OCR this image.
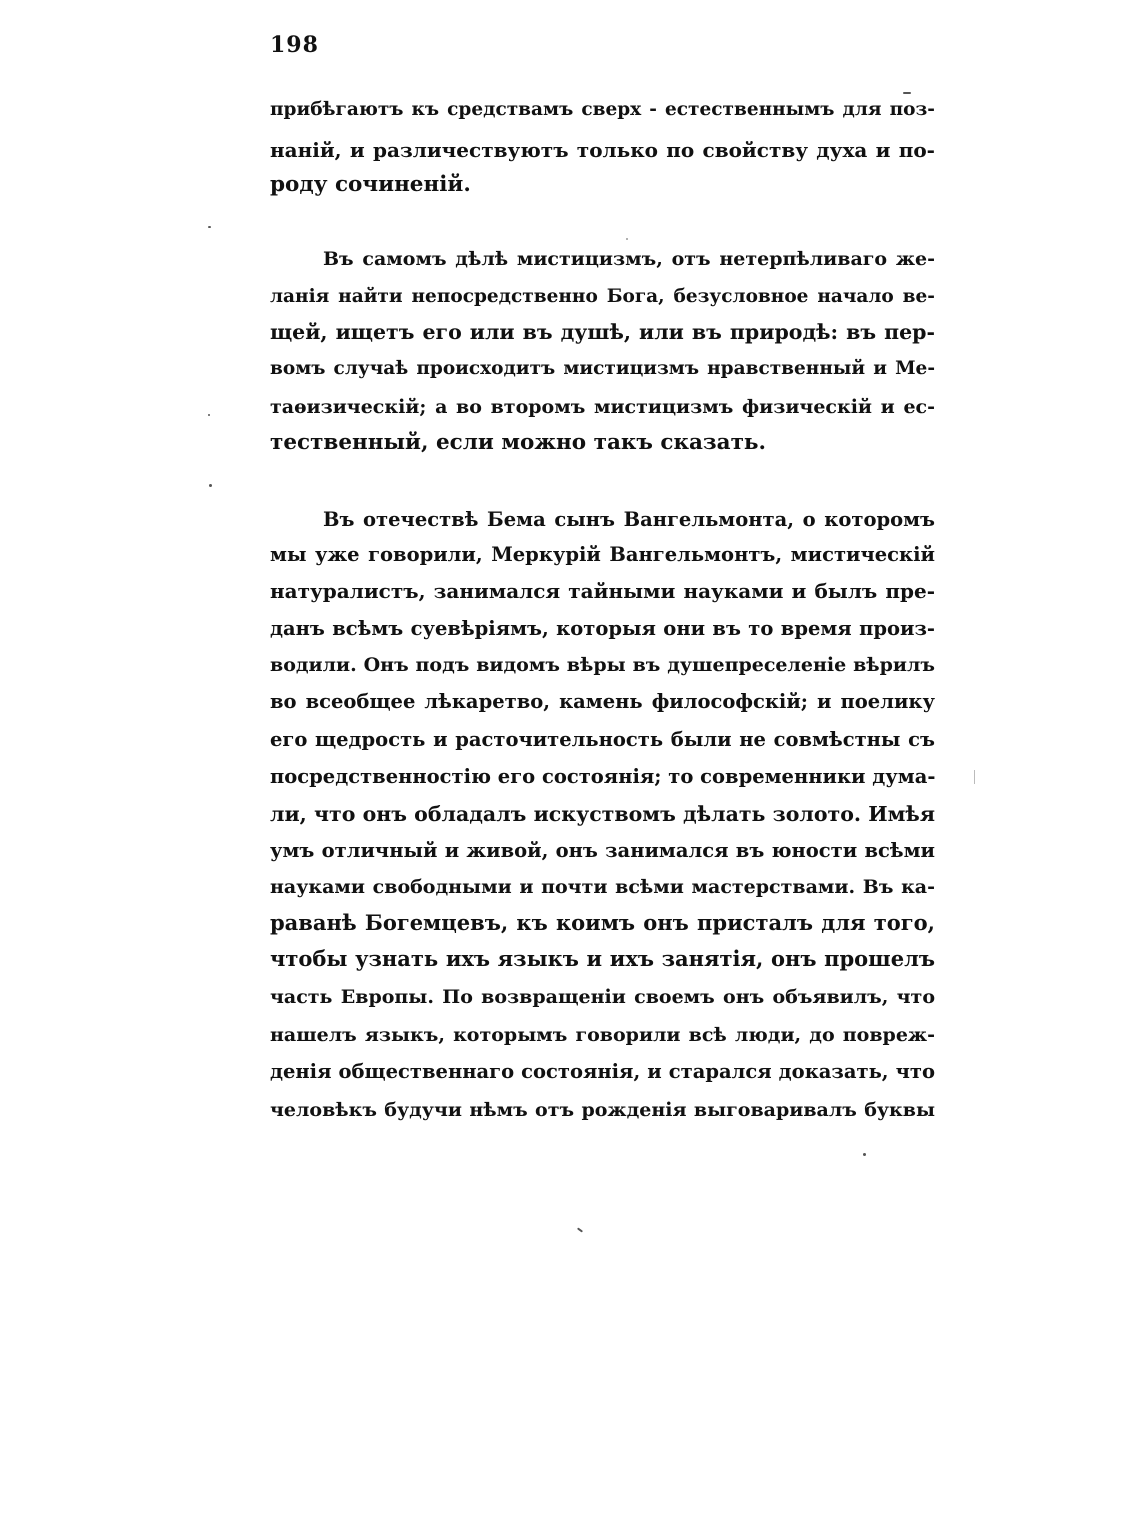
198
прибѣгаютъ къ средствамъ сверх - естественнымъ для поз-
наній, и различествуютъ только по свойству духа и по-
роду сочиненій.
Въ самомъ дѣлѣ мистицизмъ, отъ нетерпѣливаго же-
ланія найти непосредственно Бога, безусловное начало ве-
щей, ищетъ его или въ душѣ, или въ природѣ: въ пер-
вомъ случаѣ происходитъ мистицизмъ нравственный и Ме-
таѳизическій; а во второмъ мистицизмъ физическій и ес-
тественный, если можно такъ сказать.
Въ отечествѣ Бема сынъ Вангельмонта, о которомъ
мы уже говорили, Меркурій Вангельмонтъ, мистическій
натуралистъ, занимался тайными науками и былъ пре-
данъ всѣмъ суевѣріямъ, которыя они въ то время произ-
водили. Онъ подъ видомъ вѣры въ душепреселеніе вѣрилъ
во всеобщее лѣкаретво, камень философскій; и поелику
его щедрость и расточительность были не совмѣстны съ
посредственностію его состоянія; то современники дума-
ли, что онъ обладалъ искуствомъ дѣлать золото. Имѣя
умъ отличный и живой, онъ занимался въ юности всѣми
науками свободными и почти всѣми мастерствами. Въ ка-
раванѣ Богемцевъ, къ коимъ онъ присталъ для того,
чтобы узнать ихъ языкъ и ихъ занятія, онъ прошелъ
часть Европы. По возвращеніи своемъ онъ объявилъ, что
нашелъ языкъ, которымъ говорили всѣ люди, до повреж-
денія общественнаго состоянія, и старался доказать, что
человѣкъ будучи нѣмъ отъ рожденія выговаривалъ буквы
